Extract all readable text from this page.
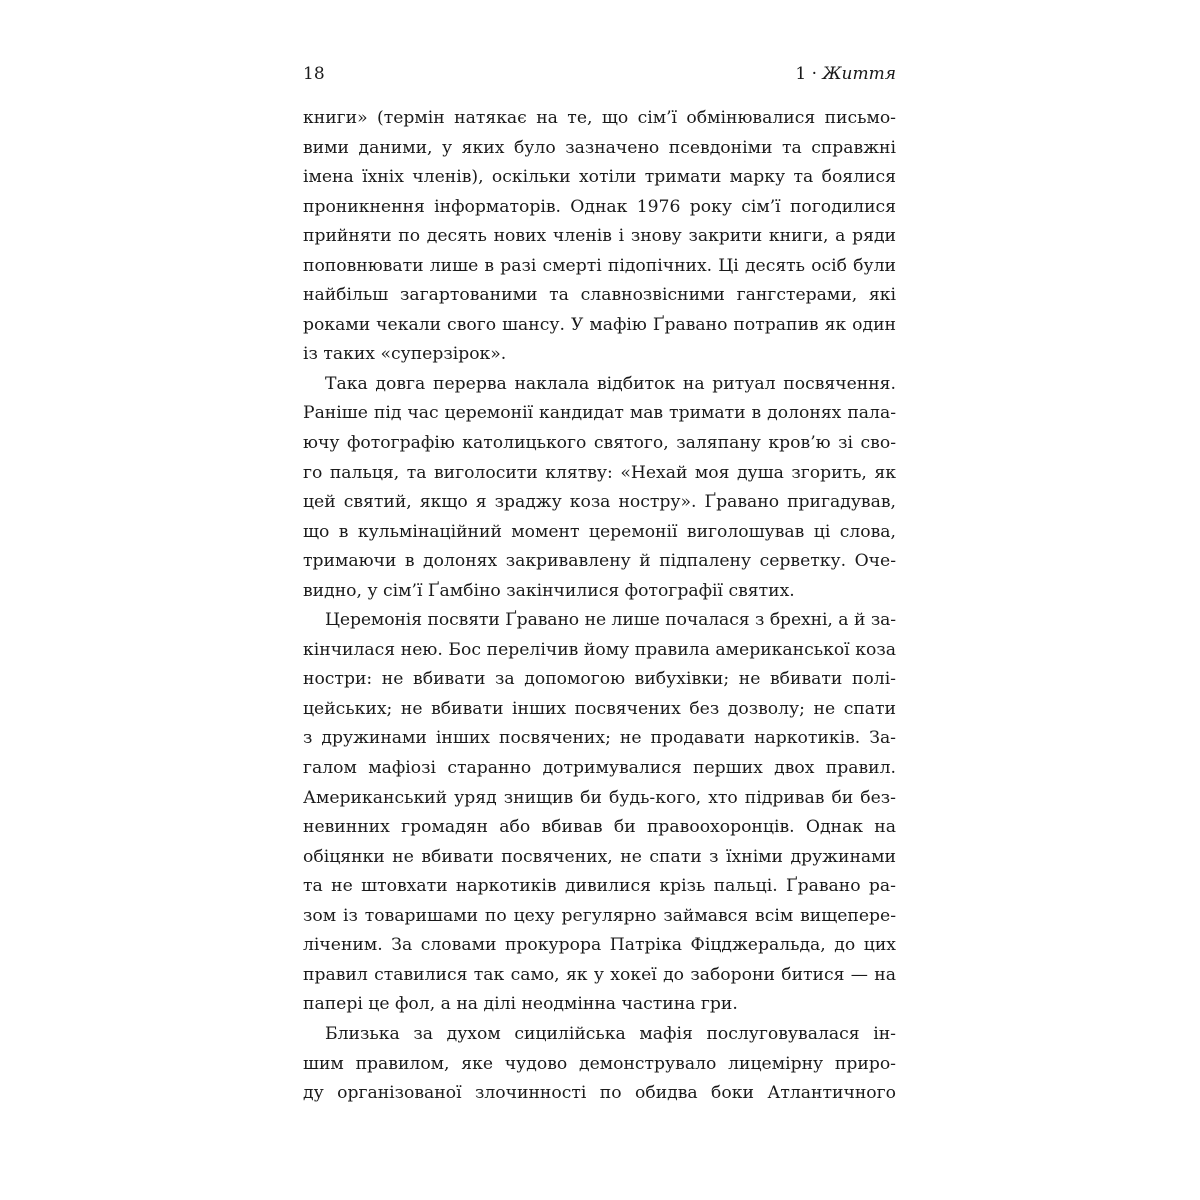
18	1 · Життя
книги» (термін натякає на те, що сім’ї обмінювалися письмо-
вими даними, у яких було зазначено псевдоніми та справжні
імена їхніх членів), оскільки хотіли тримати марку та боялися
проникнення інформаторів. Однак 1976 року сім’ї погодилися
прийняти по десять нових членів і знову закрити книги, а ряди
поповнювати лише в разі смерті підопічних. Ці десять осіб були
найбільш загартованими та славнозвісними гангстерами, які
роками чекали свого шансу. У мафію Ґравано потрапив як один
із таких «суперзірок».
Така довга перерва наклала відбиток на ритуал посвячення.
Раніше під час церемонії кандидат мав тримати в долонях пала-
ючу фотографію католицького святого, заляпану кров’ю зі сво-
го пальця, та виголосити клятву: «Нехай моя душа згорить, як
цей святий, якщо я зраджу коза ностру». Ґравано пригадував,
що в кульмінаційний момент церемонії виголошував ці слова,
тримаючи в долонях закривавлену й підпалену серветку. Оче-
видно, у сім’ї Ґамбіно закінчилися фотографії святих.
Церемонія посвяти Ґравано не лише почалася з брехні, а й за-
кінчилася нею. Бос перелічив йому правила американської коза
ностри: не вбивати за допомогою вибухівки; не вбивати полі-
цейських; не вбивати інших посвячених без дозволу; не спати
з дружинами інших посвячених; не продавати наркотиків. За-
галом мафіозі старанно дотримувалися перших двох правил.
Американський уряд знищив би будь-кого, хто підривав би без-
невинних громадян або вбивав би правоохоронців. Однак на
обіцянки не вбивати посвячених, не спати з їхніми дружинами
та не штовхати наркотиків дивилися крізь пальці. Ґравано ра-
зом із товаришами по цеху регулярно займався всім вищепере-
ліченим. За словами прокурора Патріка Фіцджеральда, до цих
правил ставилися так само, як у хокеї до заборони битися — на
папері це фол, а на ділі неодмінна частина гри.
Близька за духом сицилійська мафія послуговувалася ін-
шим правилом, яке чудово демонструвало лицемірну приро-
ду організованої злочинності по обидва боки Атлантичного
